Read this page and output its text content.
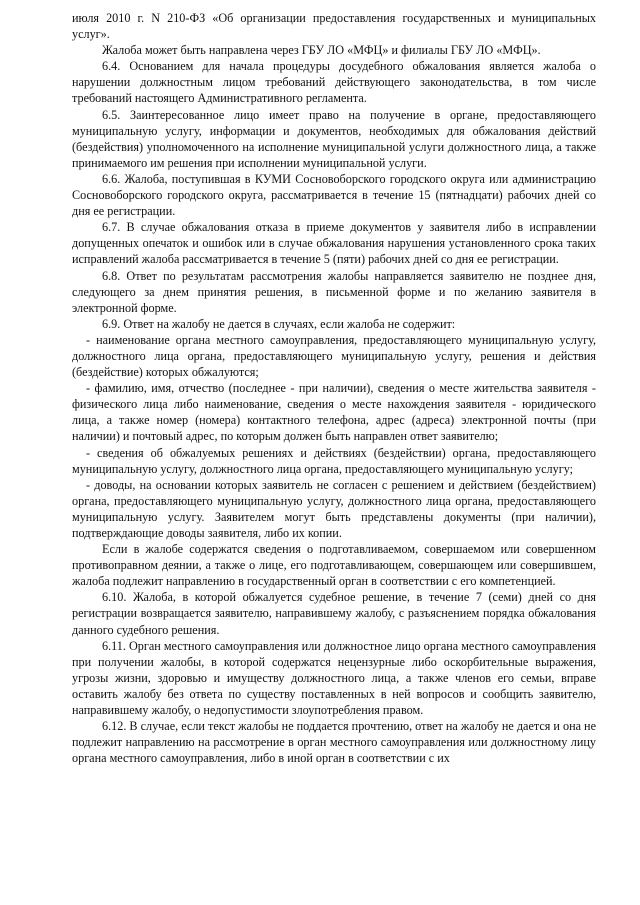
июля 2010 г. N 210-ФЗ «Об организации предоставления государственных и муниципальных услуг».

Жалоба может быть направлена через ГБУ ЛО «МФЦ» и филиалы ГБУ ЛО «МФЦ».

6.4. Основанием для начала процедуры досудебного обжалования является жалоба о нарушении должностным лицом требований действующего законодательства, в том числе требований настоящего Административного регламента.

6.5. Заинтересованное лицо имеет право на получение в органе, предоставляющего муниципальную услугу, информации и документов, необходимых для обжалования действий (бездействия) уполномоченного на исполнение муниципальной услуги должностного лица, а также принимаемого им решения при исполнении муниципальной услуги.

6.6. Жалоба, поступившая в КУМИ Сосновоборского городского округа или администрацию Сосновоборского городского округа, рассматривается в течение 15 (пятнадцати) рабочих дней со дня ее регистрации.

6.7. В случае обжалования отказа в приеме документов у заявителя либо в исправлении допущенных опечаток и ошибок или в случае обжалования нарушения установленного срока таких исправлений жалоба рассматривается в течение 5 (пяти) рабочих дней со дня ее регистрации.

6.8. Ответ по результатам рассмотрения жалобы направляется заявителю не позднее дня, следующего за днем принятия решения, в письменной форме и по желанию заявителя в электронной форме.

6.9. Ответ на жалобу не дается в случаях, если жалоба не содержит:

- наименование органа местного самоуправления, предоставляющего муниципальную услугу, должностного лица органа, предоставляющего муниципальную услугу, решения и действия (бездействие) которых обжалуются;

- фамилию, имя, отчество (последнее - при наличии), сведения о месте жительства заявителя - физического лица либо наименование, сведения о месте нахождения заявителя - юридического лица, а также номер (номера) контактного телефона, адрес (адреса) электронной почты (при наличии) и почтовый адрес, по которым должен быть направлен ответ заявителю;

- сведения об обжалуемых решениях и действиях (бездействии) органа, предоставляющего муниципальную услугу, должностного лица органа, предоставляющего муниципальную услугу;

- доводы, на основании которых заявитель не согласен с решением и действием (бездействием) органа, предоставляющего муниципальную услугу, должностного лица органа, предоставляющего муниципальную услугу. Заявителем могут быть представлены документы (при наличии), подтверждающие доводы заявителя, либо их копии.

Если в жалобе содержатся сведения о подготавливаемом, совершаемом или совершенном противоправном деянии, а также о лице, его подготавливающем, совершающем или совершившем, жалоба подлежит направлению в государственный орган в соответствии с его компетенцией.

6.10. Жалоба, в которой обжалуется судебное решение, в течение 7 (семи) дней со дня регистрации возвращается заявителю, направившему жалобу, с разъяснением порядка обжалования данного судебного решения.

6.11. Орган местного самоуправления или должностное лицо органа местного самоуправления при получении жалобы, в которой содержатся нецензурные либо оскорбительные выражения, угрозы жизни, здоровью и имуществу должностного лица, а также членов его семьи, вправе оставить жалобу без ответа по существу поставленных в ней вопросов и сообщить заявителю, направившему жалобу, о недопустимости злоупотребления правом.

6.12. В случае, если текст жалобы не поддается прочтению, ответ на жалобу не дается и она не подлежит направлению на рассмотрение в орган местного самоуправления или должностному лицу органа местного самоуправления, либо в иной орган в соответствии с их
